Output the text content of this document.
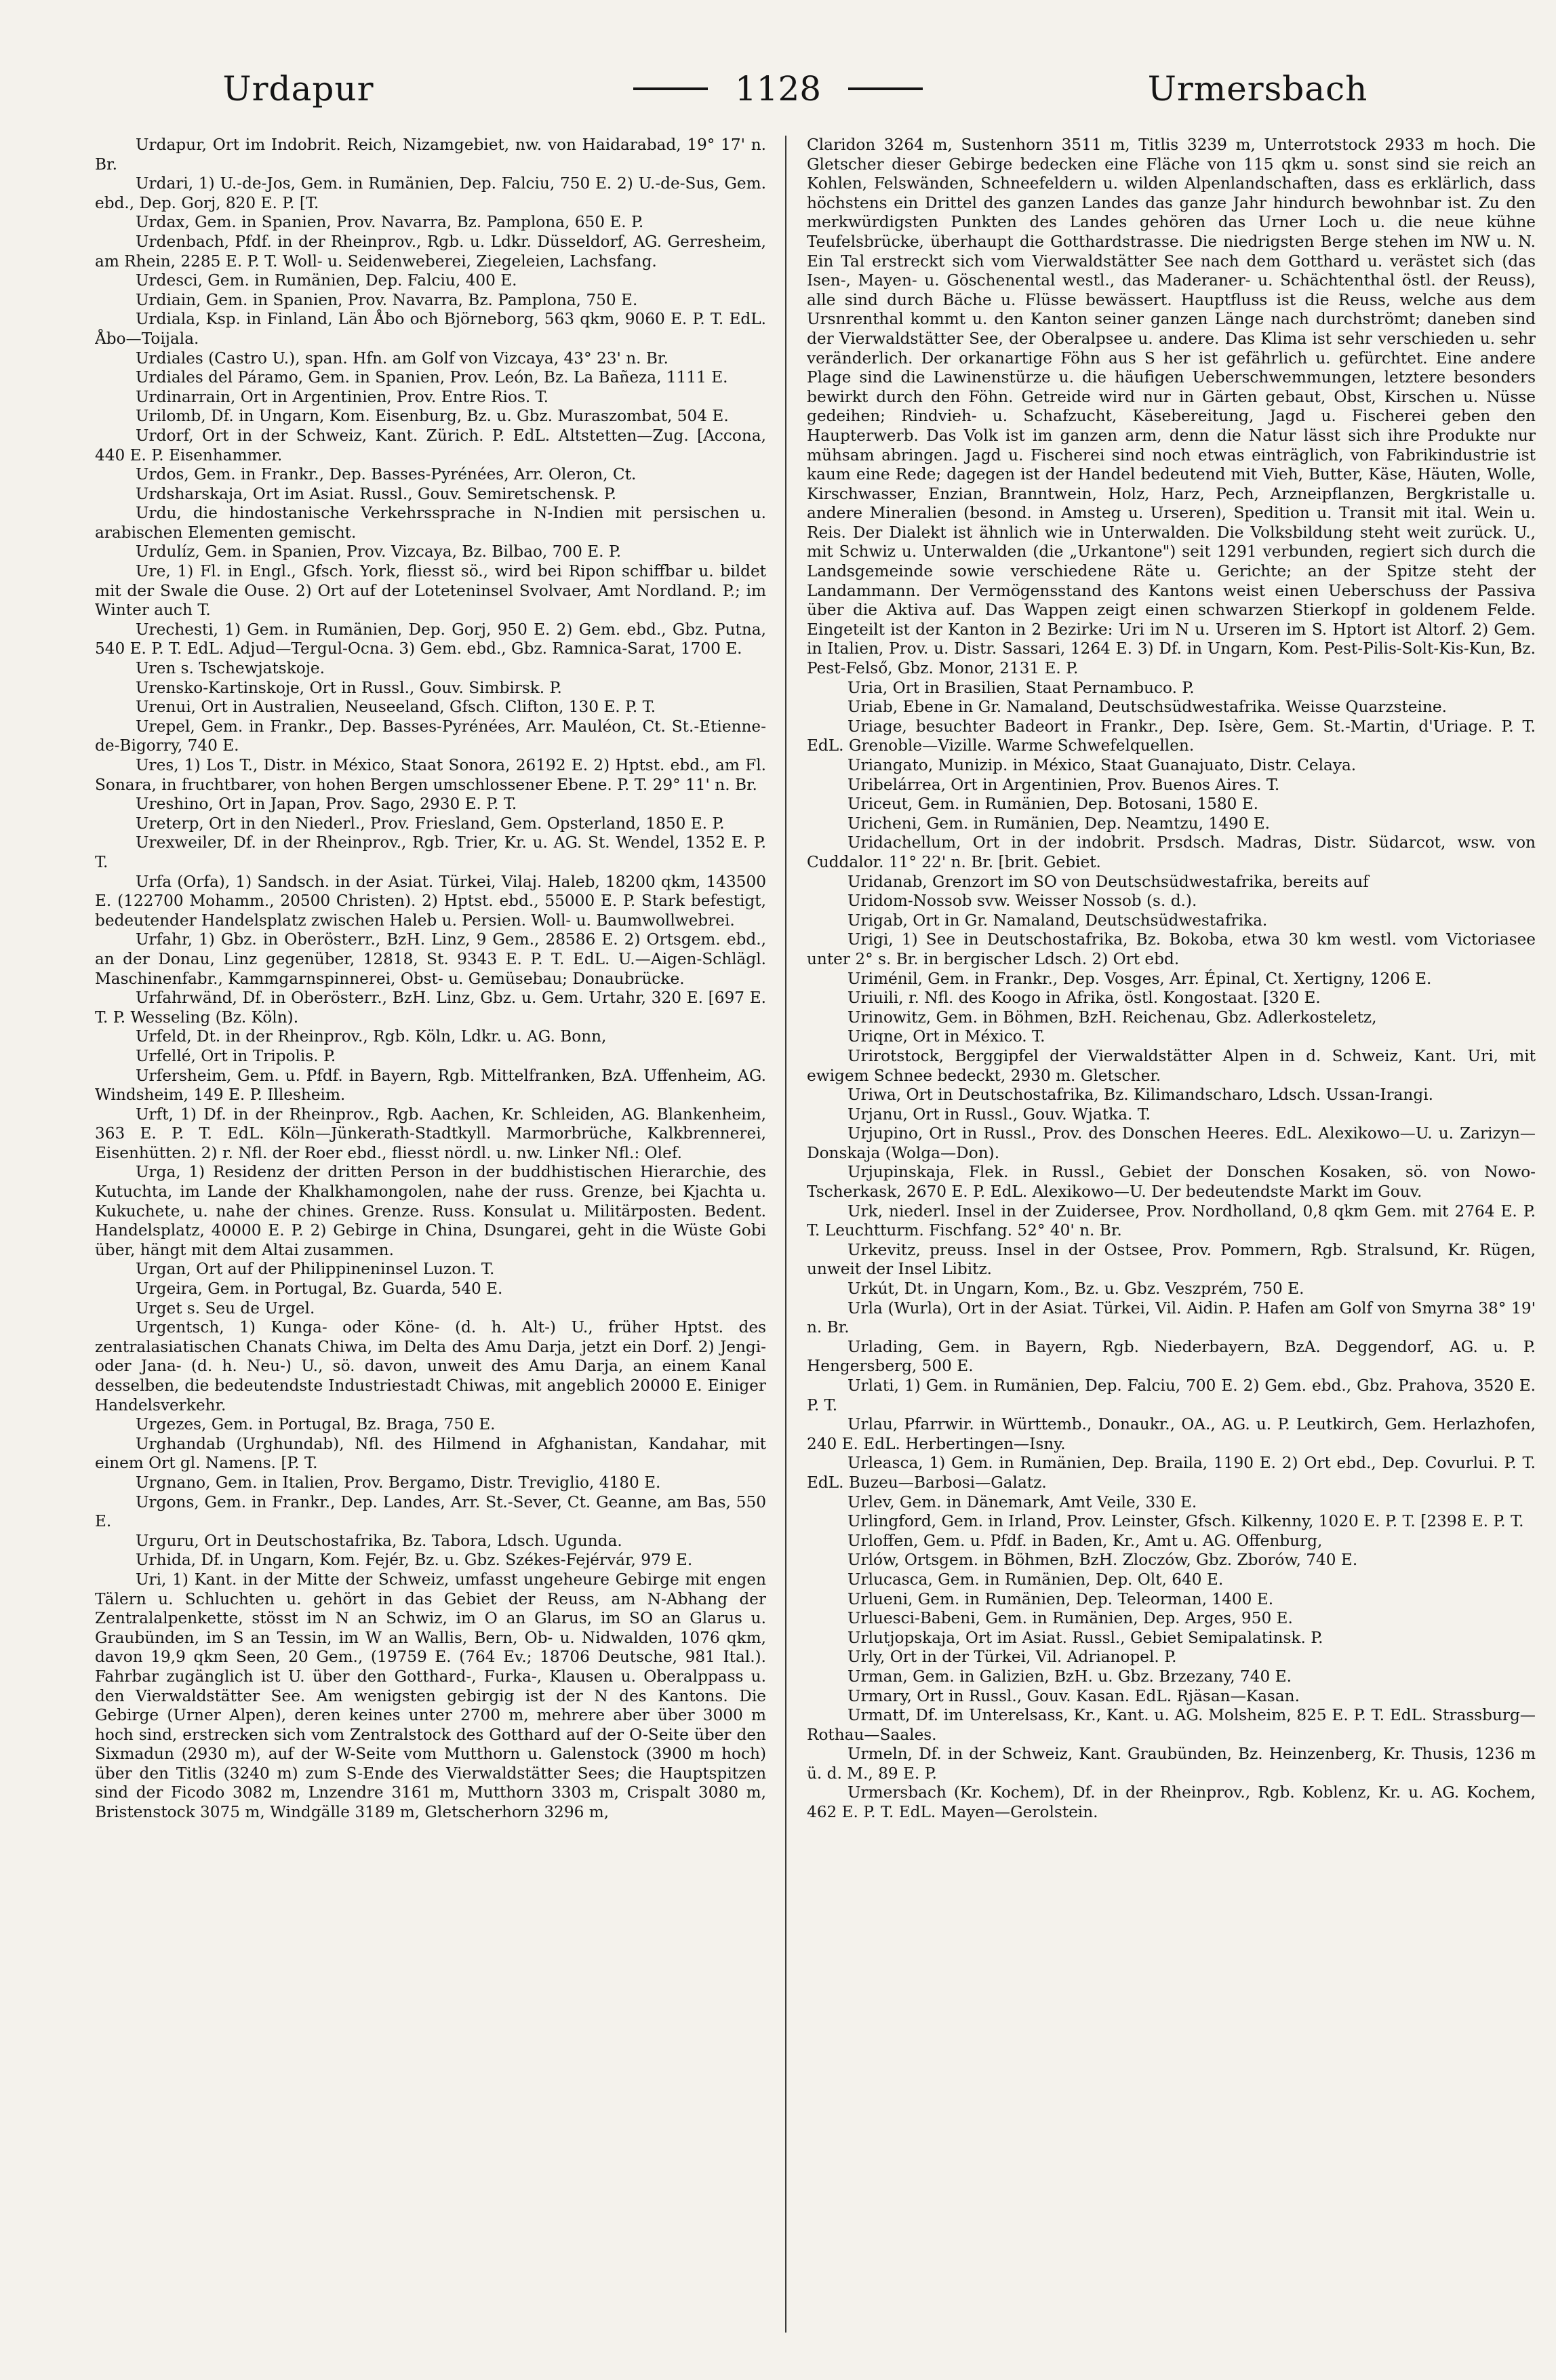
Urdapur	1128	Urmersbach

Urdapur, Ort im Indobrit. Reich, Nizamgebiet, nw. von Haidarabad, 19° 17' n. Br.

Urdari, 1) U.-de-Jos, Gem. in Rumänien, Dep. Falciu, 750 E. 2) U.-de-Sus, Gem. ebd., Dep. Gorj, 820 E. P. [T.

Urdax, Gem. in Spanien, Prov. Navarra, Bz. Pamplona, 650 E. P.

Urdenbach, Pfdf. in der Rheinprov., Rgb. u. Ldkr. Düsseldorf, AG. Gerresheim, am Rhein, 2285 E. P. T. Woll- u. Seidenweberei, Ziegeleien, Lachsfang.

Urdesci, Gem. in Rumänien, Dep. Falciu, 400 E.

Urdiain, Gem. in Spanien, Prov. Navarra, Bz. Pamplona, 750 E.

Urdiala, Ksp. in Finland, Län Åbo och Björneborg, 563 qkm, 9060 E. P. T. EdL. Åbo—Toijala.

Urdiales (Castro U.), span. Hfn. am Golf von Vizcaya, 43° 23' n. Br.

Urdiales del Páramo, Gem. in Spanien, Prov. León, Bz. La Bañeza, 1111 E.

Urdinarrain, Ort in Argentinien, Prov. Entre Rios. T.

Urilomb, Df. in Ungarn, Kom. Eisenburg, Bz. u. Gbz. Muraszombat, 504 E.

Urdorf, Ort in der Schweiz, Kant. Zürich. P. EdL. Altstetten—Zug. [Accona, 440 E. P. Eisenhammer.

Urdos, Gem. in Frankr., Dep. Basses-Pyrénées, Arr. Oleron, Ct.

Urdsharskaja, Ort im Asiat. Russl., Gouv. Semiretschensk. P.

Urdu, die hindostanische Verkehrssprache in N-Indien mit persischen u. arabischen Elementen gemischt.

Urdulíz, Gem. in Spanien, Prov. Vizcaya, Bz. Bilbao, 700 E. P.

Ure, 1) Fl. in Engl., Gfsch. York, fliesst sö., wird bei Ripon schiffbar u. bildet mit der Swale die Ouse. 2) Ort auf der Loteteninsel Svolvaer, Amt Nordland. P.; im Winter auch T.

Urechesti, 1) Gem. in Rumänien, Dep. Gorj, 950 E. 2) Gem. ebd., Gbz. Putna, 540 E. P. T. EdL. Adjud—Tergul-Ocna. 3) Gem. ebd., Gbz. Ramnica-Sarat, 1700 E.

Uren s. Tschewjatskoje.

Urensko-Kartinskoje, Ort in Russl., Gouv. Simbirsk. P.

Urenui, Ort in Australien, Neuseeland, Gfsch. Clifton, 130 E. P. T.

Urepel, Gem. in Frankr., Dep. Basses-Pyrénées, Arr. Mauléon, Ct. St.-Etienne-de-Bigorry, 740 E.

Ures, 1) Los T., Distr. in México, Staat Sonora, 26192 E. 2) Hptst. ebd., am Fl. Sonara, in fruchtbarer, von hohen Bergen umschlossener Ebene. P. T. 29° 11' n. Br.

Ureshino, Ort in Japan, Prov. Sago, 2930 E. P. T.

Ureterp, Ort in den Niederl., Prov. Friesland, Gem. Opsterland, 1850 E. P.

Urexweiler, Df. in der Rheinprov., Rgb. Trier, Kr. u. AG. St. Wendel, 1352 E. P. T.

Urfa (Orfa), 1) Sandsch. in der Asiat. Türkei, Vilaj. Haleb, 18200 qkm, 143500 E. (122700 Mohamm., 20500 Christen). 2) Hptst. ebd., 55000 E. P. Stark befestigt, bedeutender Handelsplatz zwischen Haleb u. Persien. Woll- u. Baumwollwebrei.

Urfahr, 1) Gbz. in Oberösterr., BzH. Linz, 9 Gem., 28586 E. 2) Ortsgem. ebd., an der Donau, Linz gegenüber, 12818, St. 9343 E. P. T. EdL. U.—Aigen-Schlägl. Maschinenfabr., Kammgarnspinnerei, Obst- u. Gemüsebau; Donaubrücke.

Urfahrwänd, Df. in Oberösterr., BzH. Linz, Gbz. u. Gem. Urtahr, 320 E. [697 E. T. P. Wesseling (Bz. Köln).

Urfeld, Dt. in der Rheinprov., Rgb. Köln, Ldkr. u. AG. Bonn,

Urfellé, Ort in Tripolis. P.

Urfersheim, Gem. u. Pfdf. in Bayern, Rgb. Mittelfranken, BzA. Uffenheim, AG. Windsheim, 149 E. P. Illesheim.

Urft, 1) Df. in der Rheinprov., Rgb. Aachen, Kr. Schleiden, AG. Blankenheim, 363 E. P. T. EdL. Köln—Jünkerath-Stadtkyll. Marmorbrüche, Kalkbrennerei, Eisenhütten. 2) r. Nfl. der Roer ebd., fliesst nördl. u. nw. Linker Nfl.: Olef.

Urga, 1) Residenz der dritten Person in der buddhistischen Hierarchie, des Kutuchta, im Lande der Khalkhamongolen, nahe der russ. Grenze, bei Kjachta u. Kukuchete, u. nahe der chines. Grenze. Russ. Konsulat u. Militärposten. Bedent. Handelsplatz, 40000 E. P. 2) Gebirge in China, Dsungarei, geht in die Wüste Gobi über, hängt mit dem Altai zusammen.

Urgan, Ort auf der Philippineninsel Luzon. T.

Urgeira, Gem. in Portugal, Bz. Guarda, 540 E.

Urget s. Seu de Urgel.

Urgentsch, 1) Kunga- oder Köne- (d. h. Alt-) U., früher Hptst. des zentralasiatischen Chanats Chiwa, im Delta des Amu Darja, jetzt ein Dorf. 2) Jengi- oder Jana- (d. h. Neu-) U., sö. davon, unweit des Amu Darja, an einem Kanal desselben, die bedeutendste Industriestadt Chiwas, mit angeblich 20000 E. Einiger Handelsverkehr.

Urgezes, Gem. in Portugal, Bz. Braga, 750 E.

Urghandab (Urghundab), Nfl. des Hilmend in Afghanistan, Kandahar, mit einem Ort gl. Namens. [P. T.

Urgnano, Gem. in Italien, Prov. Bergamo, Distr. Treviglio, 4180 E.

Urgons, Gem. in Frankr., Dep. Landes, Arr. St.-Sever, Ct. Geanne, am Bas, 550 E.

Urguru, Ort in Deutschostafrika, Bz. Tabora, Ldsch. Ugunda.

Urhida, Df. in Ungarn, Kom. Fejér, Bz. u. Gbz. Székes-Fejérvár, 979 E.

Uri, 1) Kant. in der Mitte der Schweiz, umfasst ungeheure Gebirge mit engen Tälern u. Schluchten u. gehört in das Gebiet der Reuss, am N-Abhang der Zentralalpenkette, stösst im N an Schwiz, im O an Glarus, im SO an Glarus u. Graubünden, im S an Tessin, im W an Wallis, Bern, Ob- u. Nidwalden, 1076 qkm, davon 19,9 qkm Seen, 20 Gem., (19759 E. (764 Ev.; 18706 Deutsche, 981 Ital.). Fahrbar zugänglich ist U. über den Gotthard-, Furka-, Klausen u. Oberalppass u. den Vierwaldstätter See. Am wenigsten gebirgig ist der N des Kantons. Die Gebirge (Urner Alpen), deren keines unter 2700 m, mehrere aber über 3000 m hoch sind, erstrecken sich vom Zentralstock des Gotthard auf der O-Seite über den Sixmadun (2930 m), auf der W-Seite vom Mutthorn u. Galenstock (3900 m hoch) über den Titlis (3240 m) zum S-Ende des Vierwaldstätter Sees; die Hauptspitzen sind der Ficodo 3082 m, Lnzendre 3161 m, Mutthorn 3303 m, Crispalt 3080 m, Bristenstock 3075 m, Windgälle 3189 m, Gletscherhorn 3296 m,

Claridon 3264 m, Sustenhorn 3511 m, Titlis 3239 m, Unterrotstock 2933 m hoch. Die Gletscher dieser Gebirge bedecken eine Fläche von 115 qkm u. sonst sind sie reich an Kohlen, Felswänden, Schneefeldern u. wilden Alpenlandschaften, dass es erklärlich, dass höchstens ein Drittel des ganzen Landes das ganze Jahr hindurch bewohnbar ist. Zu den merkwürdigsten Punkten des Landes gehören das Urner Loch u. die neue kühne Teufelsbrücke, überhaupt die Gotthardstrasse. Die niedrigsten Berge stehen im NW u. N. Ein Tal erstreckt sich vom Vierwaldstätter See nach dem Gotthard u. verästet sich (das Isen-, Mayen- u. Göschenental westl., das Maderaner- u. Schächtenthal östl. der Reuss), alle sind durch Bäche u. Flüsse bewässert. Hauptfluss ist die Reuss, welche aus dem Ursnrenthal kommt u. den Kanton seiner ganzen Länge nach durchströmt; daneben sind der Vierwaldstätter See, der Oberalpsee u. andere. Das Klima ist sehr verschieden u. sehr veränderlich. Der orkanartige Föhn aus S her ist gefährlich u. gefürchtet. Eine andere Plage sind die Lawinenstürze u. die häufigen Ueberschwemmungen, letztere besonders bewirkt durch den Föhn. Getreide wird nur in Gärten gebaut, Obst, Kirschen u. Nüsse gedeihen; Rindvieh- u. Schafzucht, Käsebereitung, Jagd u. Fischerei geben den Haupterwerb. Das Volk ist im ganzen arm, denn die Natur lässt sich ihre Produkte nur mühsam abringen. Jagd u. Fischerei sind noch etwas einträglich, von Fabrikindustrie ist kaum eine Rede; dagegen ist der Handel bedeutend mit Vieh, Butter, Käse, Häuten, Wolle, Kirschwasser, Enzian, Branntwein, Holz, Harz, Pech, Arzneipflanzen, Bergkristalle u. andere Mineralien (besond. in Amsteg u. Urseren), Spedition u. Transit mit ital. Wein u. Reis. Der Dialekt ist ähnlich wie in Unterwalden. Die Volksbildung steht weit zurück. U., mit Schwiz u. Unterwalden (die „Urkantone") seit 1291 verbunden, regiert sich durch die Landsgemeinde sowie verschiedene Räte u. Gerichte; an der Spitze steht der Landammann. Der Vermögensstand des Kantons weist einen Ueberschuss der Passiva über die Aktiva auf. Das Wappen zeigt einen schwarzen Stierkopf in goldenem Felde. Eingeteilt ist der Kanton in 2 Bezirke: Uri im N u. Urseren im S. Hptort ist Altorf. 2) Gem. in Italien, Prov. u. Distr. Sassari, 1264 E. 3) Df. in Ungarn, Kom. Pest-Pilis-Solt-Kis-Kun, Bz. Pest-Felső, Gbz. Monor, 2131 E. P.

Uria, Ort in Brasilien, Staat Pernambuco. P.

Uriab, Ebene in Gr. Namaland, Deutschsüdwestafrika. Weisse Quarzsteine.

Uriage, besuchter Badeort in Frankr., Dep. Isère, Gem. St.-Martin, d'Uriage. P. T. EdL. Grenoble—Vizille. Warme Schwefelquellen.

Uriangato, Munizip. in México, Staat Guanajuato, Distr. Celaya.

Uribelárrea, Ort in Argentinien, Prov. Buenos Aires. T.

Uriceut, Gem. in Rumänien, Dep. Botosani, 1580 E.

Uricheni, Gem. in Rumänien, Dep. Neamtzu, 1490 E.

Uridachellum, Ort in der indobrit. Prsdsch. Madras, Distr. Südarcot, wsw. von Cuddalor. 11° 22' n. Br. [brit. Gebiet.

Uridanab, Grenzort im SO von Deutschsüdwestafrika, bereits auf

Uridom-Nossob svw. Weisser Nossob (s. d.).

Urigab, Ort in Gr. Namaland, Deutschsüdwestafrika.

Urigi, 1) See in Deutschostafrika, Bz. Bokoba, etwa 30 km westl. vom Victoriasee unter 2° s. Br. in bergischer Ldsch. 2) Ort ebd.

Uriménil, Gem. in Frankr., Dep. Vosges, Arr. Épinal, Ct. Xertigny, 1206 E.

Uriuili, r. Nfl. des Koogo in Afrika, östl. Kongostaat. [320 E.

Urinowitz, Gem. in Böhmen, BzH. Reichenau, Gbz. Adlerkosteletz,

Uriqne, Ort in México. T.

Urirotstock, Berggipfel der Vierwaldstätter Alpen in d. Schweiz, Kant. Uri, mit ewigem Schnee bedeckt, 2930 m. Gletscher.

Uriwa, Ort in Deutschostafrika, Bz. Kilimandscharo, Ldsch. Ussan-Irangi.

Urjanu, Ort in Russl., Gouv. Wjatka. T.

Urjupino, Ort in Russl., Prov. des Donschen Heeres. EdL. Alexikowo—U. u. Zarizyn—Donskaja (Wolga—Don).

Urjupinskaja, Flek. in Russl., Gebiet der Donschen Kosaken, sö. von Nowo-Tscherkask, 2670 E. P. EdL. Alexikowo—U. Der bedeutendste Markt im Gouv.

Urk, niederl. Insel in der Zuidersee, Prov. Nordholland, 0,8 qkm Gem. mit 2764 E. P. T. Leuchtturm. Fischfang. 52° 40' n. Br.

Urkevitz, preuss. Insel in der Ostsee, Prov. Pommern, Rgb. Stralsund, Kr. Rügen, unweit der Insel Libitz.

Urkút, Dt. in Ungarn, Kom., Bz. u. Gbz. Veszprém, 750 E.

Urla (Wurla), Ort in der Asiat. Türkei, Vil. Aidin. P. Hafen am Golf von Smyrna 38° 19' n. Br.

Urlading, Gem. in Bayern, Rgb. Niederbayern, BzA. Deggendorf, AG. u. P. Hengersberg, 500 E.

Urlati, 1) Gem. in Rumänien, Dep. Falciu, 700 E. 2) Gem. ebd., Gbz. Prahova, 3520 E. P. T.

Urlau, Pfarrwir. in Württemb., Donaukr., OA., AG. u. P. Leutkirch, Gem. Herlazhofen, 240 E. EdL. Herbertingen—Isny.

Urleasca, 1) Gem. in Rumänien, Dep. Braila, 1190 E. 2) Ort ebd., Dep. Covurlui. P. T. EdL. Buzeu—Barbosi—Galatz.

Urlev, Gem. in Dänemark, Amt Veile, 330 E.

Urlingford, Gem. in Irland, Prov. Leinster, Gfsch. Kilkenny, 1020 E. P. T. [2398 E. P. T.

Urloffen, Gem. u. Pfdf. in Baden, Kr., Amt u. AG. Offenburg,

Urlów, Ortsgem. in Böhmen, BzH. Zloczów, Gbz. Zborów, 740 E.

Urlucasca, Gem. in Rumänien, Dep. Olt, 640 E.

Urlueni, Gem. in Rumänien, Dep. Teleorman, 1400 E.

Urluesci-Babeni, Gem. in Rumänien, Dep. Arges, 950 E.

Urlutjopskaja, Ort im Asiat. Russl., Gebiet Semipalatinsk. P.

Urly, Ort in der Türkei, Vil. Adrianopel. P.

Urman, Gem. in Galizien, BzH. u. Gbz. Brzezany, 740 E.

Urmary, Ort in Russl., Gouv. Kasan. EdL. Rjäsan—Kasan.

Urmatt, Df. im Unterelsass, Kr., Kant. u. AG. Molsheim, 825 E. P. T. EdL. Strassburg—Rothau—Saales.

Urmeln, Df. in der Schweiz, Kant. Graubünden, Bz. Heinzenberg, Kr. Thusis, 1236 m ü. d. M., 89 E. P.

Urmersbach (Kr. Kochem), Df. in der Rheinprov., Rgb. Koblenz, Kr. u. AG. Kochem, 462 E. P. T. EdL. Mayen—Gerolstein.
